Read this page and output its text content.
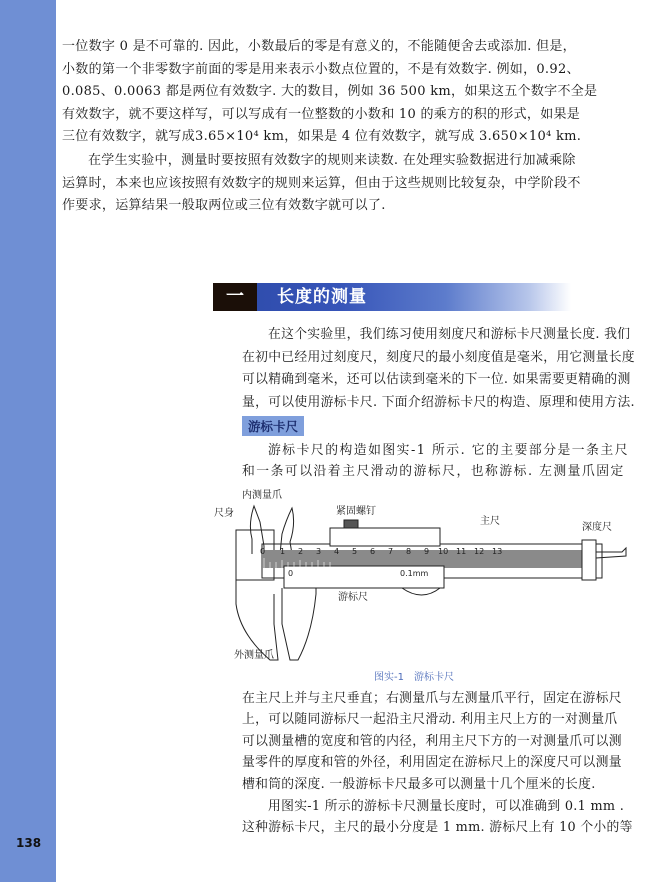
138
一位数字 0 是不可靠的. 因此，小数最后的零是有意义的，不能随便舍去或添加. 但是，
小数的第一个非零数字前面的零是用来表示小数点位置的，不是有效数字. 例如，0.92、
0.085、0.0063 都是两位有效数字. 大的数目，例如 36 500 km，如果这五个数字不全是
有效数字，就不要这样写，可以写成有一位整数的小数和 10 的乘方的积的形式，如果是
三位有效数字，就写成3.65×10⁴ km，如果是 4 位有效数字，就写成 3.650×10⁴ km.
在学生实验中，测量时要按照有效数字的规则来读数. 在处理实验数据进行加减乘除
运算时，本来也应该按照有效数字的规则来运算，但由于这些规则比较复杂，中学阶段不
作要求，运算结果一般取两位或三位有效数字就可以了.
一	长度的测量
在这个实验里，我们练习使用刻度尺和游标卡尺测量长度. 我们
在初中已经用过刻度尺，刻度尺的最小刻度值是毫米，用它测量长度
可以精确到毫米，还可以估读到毫米的下一位. 如果需要更精确的测
量，可以使用游标卡尺. 下面介绍游标卡尺的构造、原理和使用方法.
游标卡尺
游标卡尺的构造如图实-1 所示. 它的主要部分是一条主尺
和一条可以沿着主尺滑动的游标尺，也称游标. 左测量爪固定
0 1 2 3 4 5 6 7 8 9 10 11 12 13
0	0.1mm
内测量爪
尺身	紧固螺钉
主尺
深度尺
游标尺
外测量爪
图实-1 游标卡尺
在主尺上并与主尺垂直；右测量爪与左测量爪平行，固定在游标尺
上，可以随同游标尺一起沿主尺滑动. 利用主尺上方的一对测量爪
可以测量槽的宽度和管的内径，利用主尺下方的一对测量爪可以测
量零件的厚度和管的外径，利用固定在游标尺上的深度尺可以测量
槽和筒的深度. 一般游标卡尺最多可以测量十几个厘米的长度.
用图实-1 所示的游标卡尺测量长度时，可以准确到 0.1 mm .
这种游标卡尺，主尺的最小分度是 1 mm. 游标尺上有 10 个小的等
